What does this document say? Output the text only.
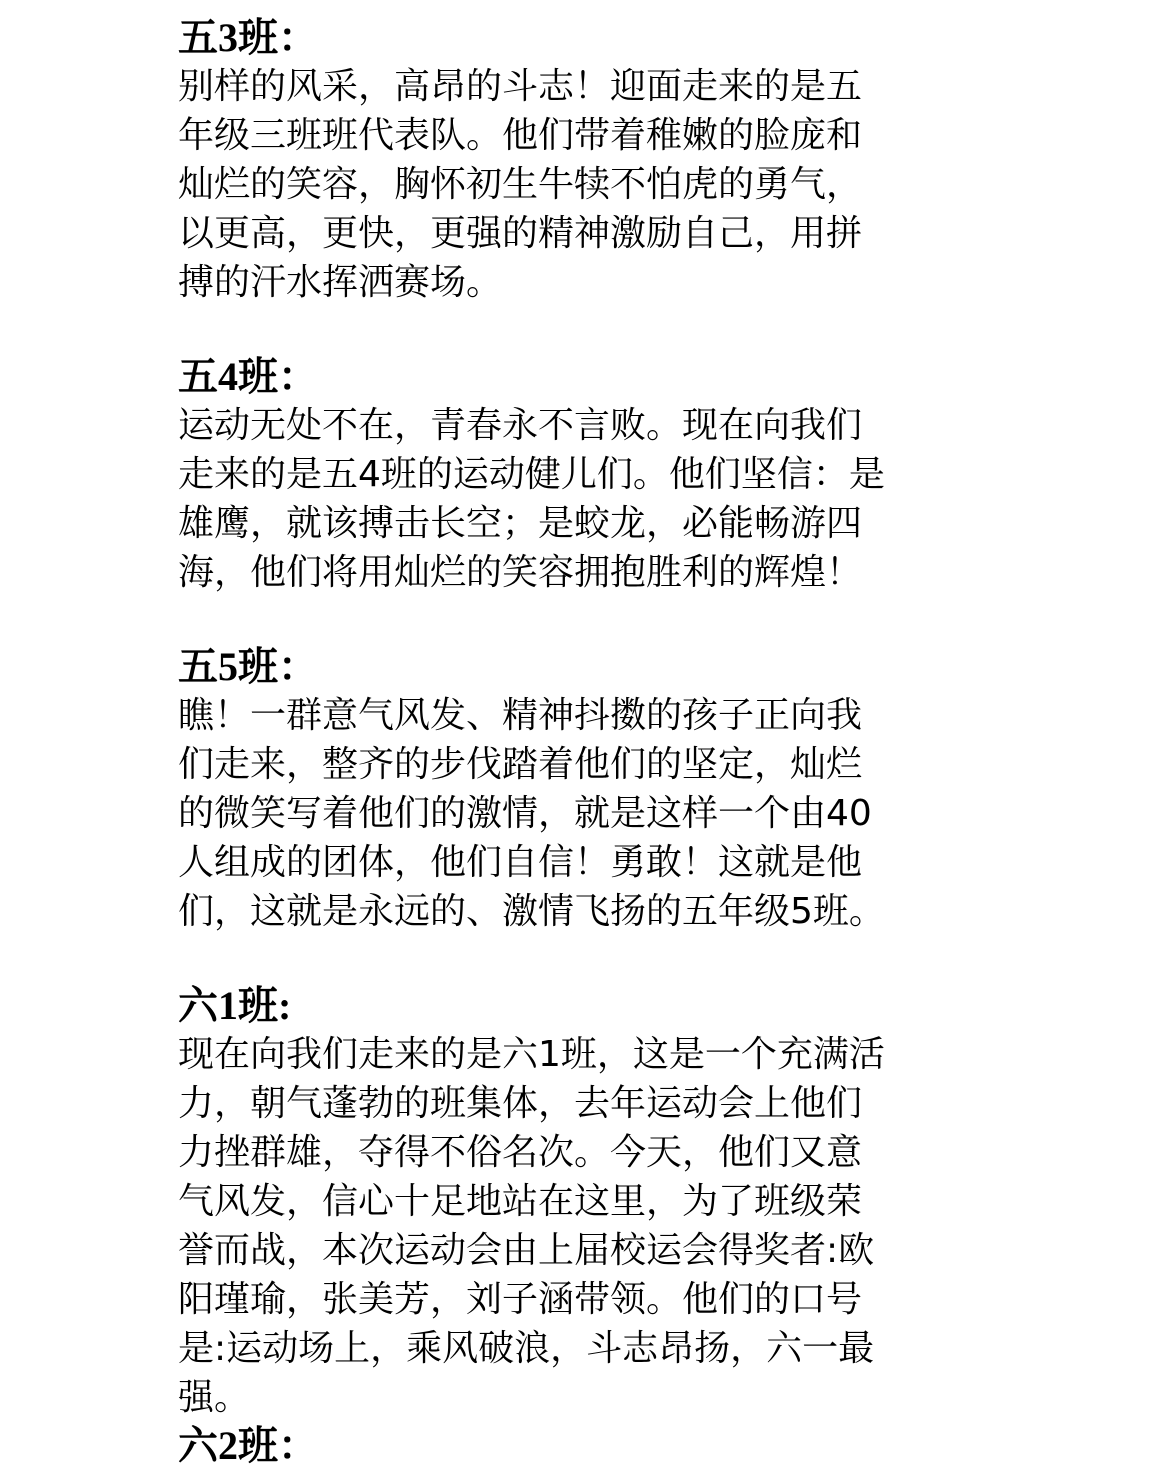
五3班：

别样的风采，高昂的斗志！迎面走来的是五
年级三班班代表队。他们带着稚嫩的脸庞和
灿烂的笑容，胸怀初生牛犊不怕虎的勇气，
以更高，更快，更强的精神激励自己，用拼
搏的汗水挥洒赛场。

五4班：

运动无处不在，青春永不言败。现在向我们
走来的是五4班的运动健儿们。他们坚信：是
雄鹰，就该搏击长空；是蛟龙，必能畅游四
海，他们将用灿烂的笑容拥抱胜利的辉煌！

五5班：

瞧！一群意气风发、精神抖擞的孩子正向我
们走来，整齐的步伐踏着他们的坚定，灿烂
的微笑写着他们的激情，就是这样一个由40
人组成的团体，他们自信！勇敢！这就是他
们，这就是永远的、激情飞扬的五年级5班。

六1班:

现在向我们走来的是六1班，这是一个充满活
力，朝气蓬勃的班集体，去年运动会上他们
力挫群雄，夺得不俗名次。今天，他们又意
气风发，信心十足地站在这里，为了班级荣
誉而战，本次运动会由上届校运会得奖者:欧
阳瑾瑜，张美芳，刘子涵带领。他们的口号
是:运动场上，乘风破浪，斗志昂扬，六一最
强。

六2班：
